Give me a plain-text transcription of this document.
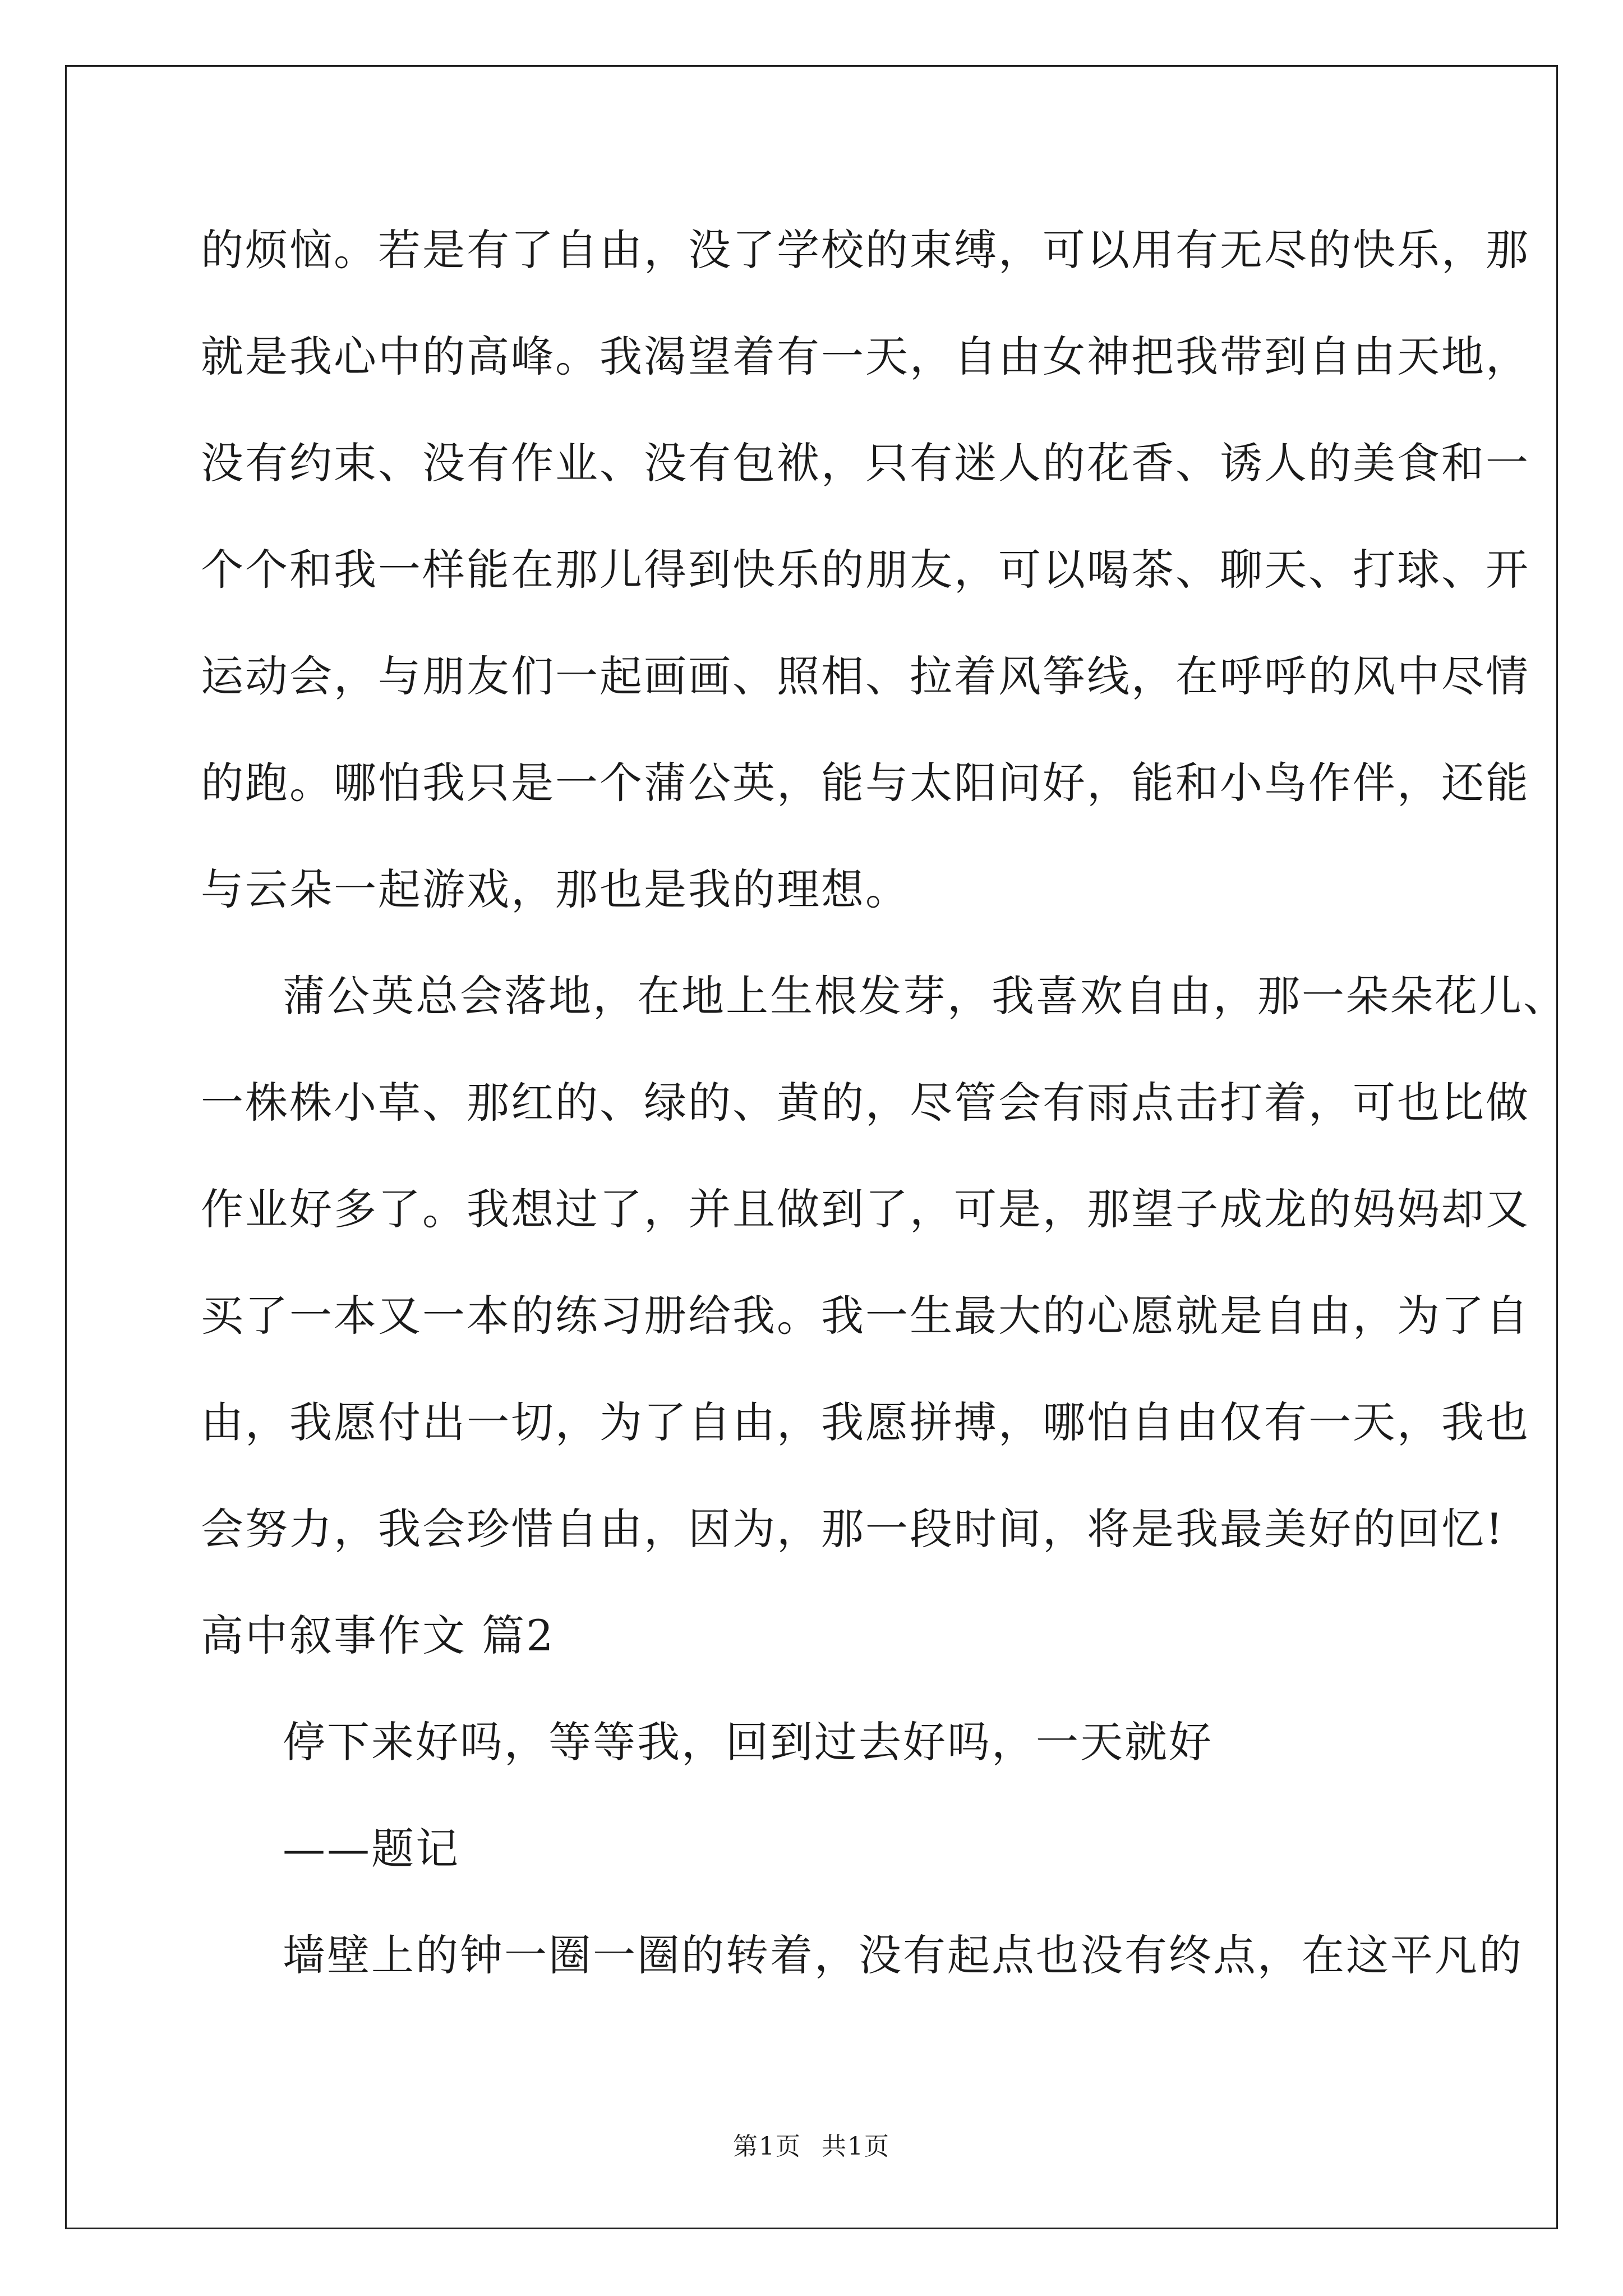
的烦恼。若是有了自由，没了学校的束缚，可以用有无尽的快乐，那
就是我心中的高峰。我渴望着有一天，自由女神把我带到自由天地，
没有约束、没有作业、没有包袱，只有迷人的花香、诱人的美食和一
个个和我一样能在那儿得到快乐的朋友，可以喝茶、聊天、打球、开
运动会，与朋友们一起画画、照相、拉着风筝线，在呼呼的风中尽情
的跑。哪怕我只是一个蒲公英，能与太阳问好，能和小鸟作伴，还能
与云朵一起游戏，那也是我的理想。
蒲公英总会落地，在地上生根发芽，我喜欢自由，那一朵朵花儿、
一株株小草、那红的、绿的、黄的，尽管会有雨点击打着，可也比做
作业好多了。我想过了，并且做到了，可是，那望子成龙的妈妈却又
买了一本又一本的练习册给我。我一生最大的心愿就是自由，为了自
由，我愿付出一切，为了自由，我愿拼搏，哪怕自由仅有一天，我也
会努力，我会珍惜自由，因为，那一段时间，将是我最美好的回忆!
高中叙事作文 篇2
停下来好吗，等等我，回到过去好吗，一天就好
——题记
墙壁上的钟一圈一圈的转着，没有起点也没有终点，在这平凡的
第1页 共1页
